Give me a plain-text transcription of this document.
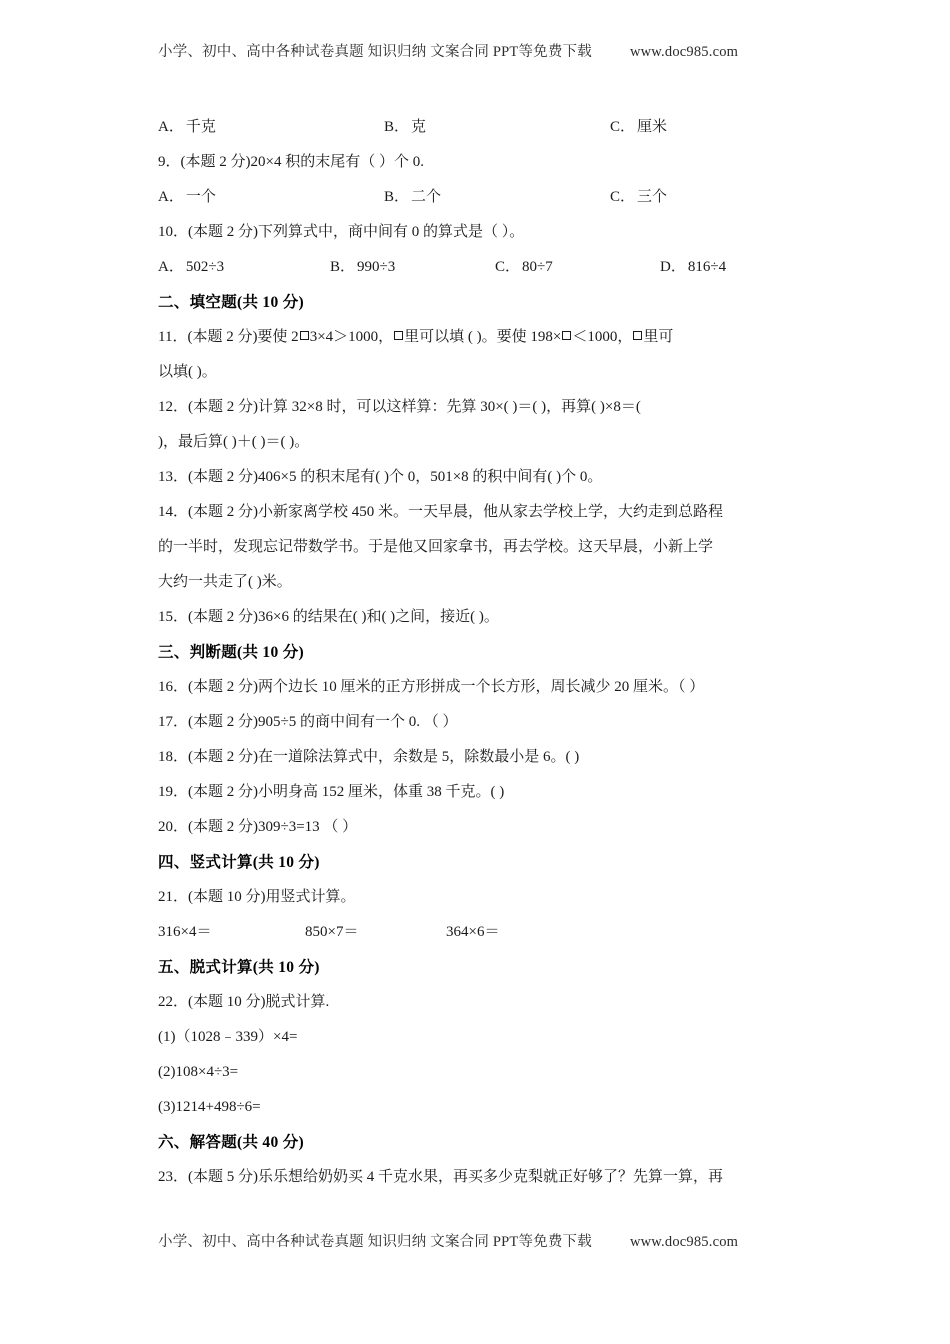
小学、初中、高中各种试卷真题 知识归纳 文案合同 PPT等免费下载	www.doc985.com
A． 千克	B． 克	C． 厘米
9．(本题 2 分)20×4 积的末尾有（ ）个 0.
A． 一个	B． 二个	C． 三个
10．(本题 2 分)下列算式中，商中间有 0 的算式是（ ）。
A． 502÷3	B． 990÷3	C． 80÷7	D． 816÷4
二、填空题(共 10 分)
11．(本题 2 分)要使 2 3×4＞1000， 里可以填 ( )。要使 198× ＜1000， 里可
以填( )。
12．(本题 2 分)计算 32×8 时，可以这样算：先算 30×( )＝( )，再算( )×8＝(
)，最后算( )＋( )＝( )。
13．(本题 2 分)406×5 的积末尾有( )个 0，501×8 的积中间有( )个 0。
14．(本题 2 分)小新家离学校 450 米。一天早晨，他从家去学校上学，大约走到总路程
的一半时，发现忘记带数学书。于是他又回家拿书，再去学校。这天早晨，小新上学
大约一共走了( )米。
15．(本题 2 分)36×6 的结果在( )和( )之间，接近( )。
三、判断题(共 10 分)
16．(本题 2 分)两个边长 10 厘米的正方形拼成一个长方形，周长减少 20 厘米。（ ）
17．(本题 2 分)905÷5 的商中间有一个 0. （ ）
18．(本题 2 分)在一道除法算式中，余数是 5，除数最小是 6。( )
19．(本题 2 分)小明身高 152 厘米，体重 38 千克。( )
20．(本题 2 分)309÷3=13 （ ）
四、竖式计算(共 10 分)
21．(本题 10 分)用竖式计算。
316×4＝	850×7＝	364×6＝
五、脱式计算(共 10 分)
22．(本题 10 分)脱式计算.
(1)（1028﹣339）×4=
(2)108×4÷3=
(3)1214+498÷6=
六、解答题(共 40 分)
23．(本题 5 分)乐乐想给奶奶买 4 千克水果，再买多少克梨就正好够了？先算一算，再
小学、初中、高中各种试卷真题 知识归纳 文案合同 PPT等免费下载	www.doc985.com
